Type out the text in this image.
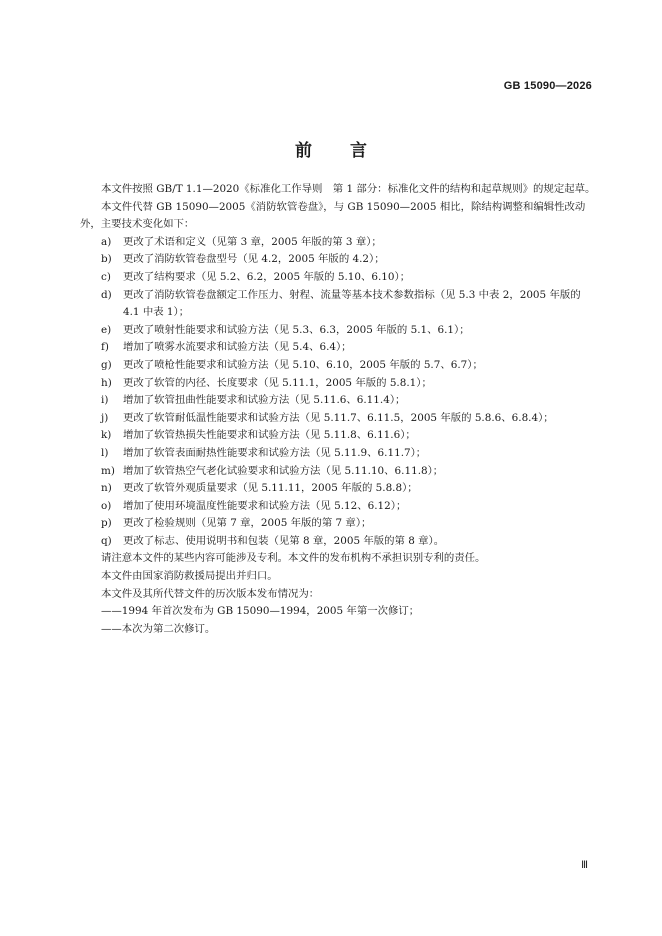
GB 15090—2026
前言

本文件按照 GB/T 1.1—2020《标准化工作导则　第 1 部分：标准化文件的结构和起草规则》的规定起草。

本文件代替 GB 15090—2005《消防软管卷盘》，与 GB 15090—2005 相比，除结构调整和编辑性改动外，主要技术变化如下：

a)	更改了术语和定义（见第 3 章，2005 年版的第 3 章）；
b)	更改了消防软管卷盘型号（见 4.2，2005 年版的 4.2）；
c)	更改了结构要求（见 5.2、6.2，2005 年版的 5.10、6.10）；
d)	更改了消防软管卷盘额定工作压力、射程、流量等基本技术参数指标（见 5.3 中表 2，2005 年版的 4.1 中表 1）；
e)	更改了喷射性能要求和试验方法（见 5.3、6.3，2005 年版的 5.1、6.1）；
f)	增加了喷雾水流要求和试验方法（见 5.4、6.4）；
g)	更改了喷枪性能要求和试验方法（见 5.10、6.10，2005 年版的 5.7、6.7）；
h)	更改了软管的内径、长度要求（见 5.11.1，2005 年版的 5.8.1）；
i)	增加了软管扭曲性能要求和试验方法（见 5.11.6、6.11.4）；
j)	更改了软管耐低温性能要求和试验方法（见 5.11.7、6.11.5，2005 年版的 5.8.6、6.8.4）；
k)	增加了软管热损失性能要求和试验方法（见 5.11.8、6.11.6）；
l)	增加了软管表面耐热性能要求和试验方法（见 5.11.9、6.11.7）；
m) 增加了软管热空气老化试验要求和试验方法（见 5.11.10、6.11.8）；
n)	更改了软管外观质量要求（见 5.11.11，2005 年版的 5.8.8）；
o)	增加了使用环境温度性能要求和试验方法（见 5.12、6.12）；
p)	更改了检验规则（见第 7 章，2005 年版的第 7 章）；
q)	更改了标志、使用说明书和包装（见第 8 章，2005 年版的第 8 章）。

请注意本文件的某些内容可能涉及专利。本文件的发布机构不承担识别专利的责任。

本文件由国家消防救援局提出并归口。

本文件及其所代替文件的历次版本发布情况为：

——1994 年首次发布为 GB 15090—1994，2005 年第一次修订；

——本次为第二次修订。

Ⅲ
